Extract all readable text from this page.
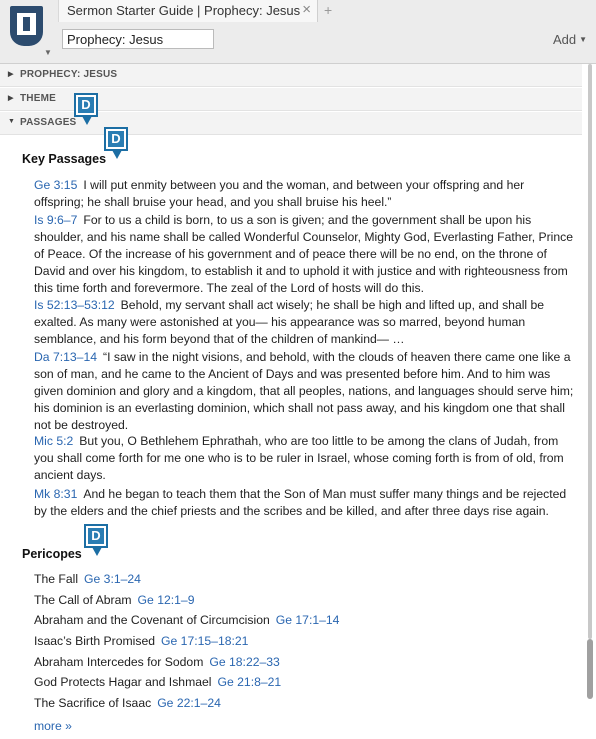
▼
Sermon Starter Guide | Prophecy: Jesus × +
Prophecy: Jesus
Add ▼
▶ PROPHECY: JESUS
▶ THEME
▼ PASSAGES
D
D
D
Key Passages
Ge 3:15 I will put enmity between you and the woman, and between your offspring and her offspring; he shall bruise your head, and you shall bruise his heel.”
Is 9:6–7 For to us a child is born, to us a son is given; and the government shall be upon his shoulder, and his name shall be called Wonderful Counselor, Mighty God, Everlasting Father, Prince of Peace. Of the increase of his government and of peace there will be no end, on the throne of David and over his kingdom, to establish it and to uphold it with justice and with righteousness from this time forth and forevermore. The zeal of the Lord of hosts will do this.
Is 52:13–53:12 Behold, my servant shall act wisely; he shall be high and lifted up, and shall be exalted. As many were astonished at you— his appearance was so marred, beyond human semblance, and his form beyond that of the children of mankind— …
Da 7:13–14 “I saw in the night visions, and behold, with the clouds of heaven there came one like a son of man, and he came to the Ancient of Days and was presented before him. And to him was given dominion and glory and a kingdom, that all peoples, nations, and languages should serve him; his dominion is an everlasting dominion, which shall not pass away, and his kingdom one that shall not be destroyed.
Mic 5:2 But you, O Bethlehem Ephrathah, who are too little to be among the clans of Judah, from you shall come forth for me one who is to be ruler in Israel, whose coming forth is from of old, from ancient days.
Mk 8:31 And he began to teach them that the Son of Man must suffer many things and be rejected by the elders and the chief priests and the scribes and be killed, and after three days rise again.
Pericopes
The Fall Ge 3:1–24
The Call of Abram Ge 12:1–9
Abraham and the Covenant of Circumcision Ge 17:1–14
Isaac’s Birth Promised Ge 17:15–18:21
Abraham Intercedes for Sodom Ge 18:22–33
God Protects Hagar and Ishmael Ge 21:8–21
The Sacrifice of Isaac Ge 22:1–24
more »
